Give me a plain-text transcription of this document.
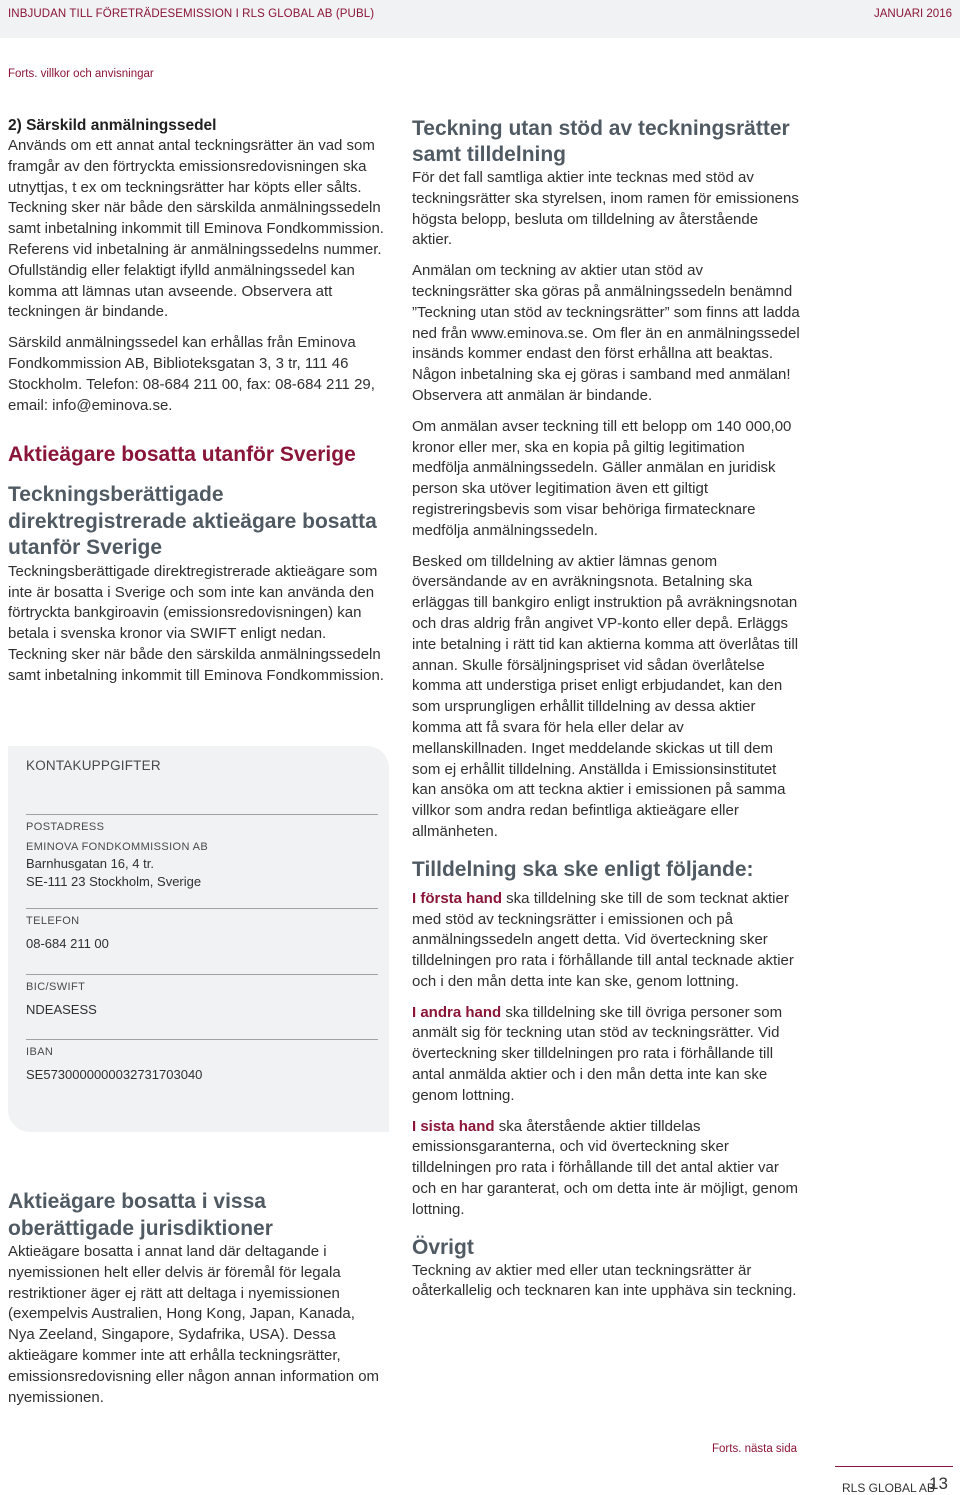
INBJUDAN TILL FÖRETRÄDESEMISSION I RLS GLOBAL AB (PUBL)	JANUARI 2016
Forts. villkor och anvisningar
2) Särskild anmälningssedel

Används om ett annat antal teckningsrätter än vad som framgår av den förtryckta emissionsredovisningen ska utnyttjas, t ex om teckningsrätter har köpts eller sålts. Teckning sker när både den särskilda anmälningssedeln samt inbetalning inkommit till Eminova Fondkommission. Referens vid inbetalning är anmälningssedelns nummer. Ofullständig eller felaktigt ifylld anmälningssedel kan komma att lämnas utan avseende. Observera att teckningen är bindande.

Särskild anmälningssedel kan erhållas från Eminova Fondkommission AB, Biblioteksgatan 3, 3 tr, 111 46 Stockholm. Telefon: 08-684 211 00, fax: 08-684 211 29, email: info@eminova.se.

Aktieägare bosatta utanför Sverige
Teckningsberättigade direktregistrerade aktieägare bosatta utanför Sverige

Teckningsberättigade direktregistrerade aktieägare som inte är bosatta i Sverige och som inte kan använda den förtryckta bankgiroavin (emissionsredovisningen) kan betala i svenska kronor via SWIFT enligt nedan. Teckning sker när både den särskilda anmälningssedeln samt inbetalning inkommit till Eminova Fondkommission.

KONTAKUPPGIFTER
POSTADRESS
EMINOVA FONDKOMMISSION AB
Barnhusgatan 16, 4 tr.
SE-111 23 Stockholm, Sverige
TELEFON
08-684 211 00
BIC/SWIFT
NDEASESS
IBAN
SE5730000000032731703040
Aktieägare bosatta i vissa oberättigade jurisdiktioner

Aktieägare bosatta i annat land där deltagande i nyemissionen helt eller delvis är föremål för legala restriktioner äger ej rätt att deltaga i nyemissionen (exempelvis Australien, Hong Kong, Japan, Kanada, Nya Zeeland, Singapore, Sydafrika, USA). Dessa aktieägare kommer inte att erhålla teckningsrätter, emissionsredovisning eller någon annan information om nyemissionen.

Teckning utan stöd av teckningsrätter samt tilldelning

För det fall samtliga aktier inte tecknas med stöd av teckningsrätter ska styrelsen, inom ramen för emissionens högsta belopp, besluta om tilldelning av återstående aktier.

Anmälan om teckning av aktier utan stöd av teckningsrätter ska göras på anmälningssedeln benämnd ”Teckning utan stöd av teckningsrätter” som finns att ladda ned från www.eminova.se. Om fler än en anmälningssedel insänds kommer endast den först erhållna att beaktas. Någon inbetalning ska ej göras i samband med anmälan! Observera att anmälan är bindande.

Om anmälan avser teckning till ett belopp om 140 000,00 kronor eller mer, ska en kopia på giltig legitimation medfölja anmälningssedeln. Gäller anmälan en juridisk person ska utöver legitimation även ett giltigt registreringsbevis som visar behöriga firmatecknare medfölja anmälningssedeln.

Besked om tilldelning av aktier lämnas genom översändande av en avräkningsnota. Betalning ska erläggas till bankgiro enligt instruktion på avräkningsnotan och dras aldrig från angivet VP-konto eller depå. Erläggs inte betalning i rätt tid kan aktierna komma att överlåtas till annan. Skulle försäljningspriset vid sådan överlåtelse komma att understiga priset enligt erbjudandet, kan den som ursprungligen erhållit tilldelning av dessa aktier komma att få svara för hela eller delar av mellanskillnaden. Inget meddelande skickas ut till dem som ej erhållit tilldelning. Anställda i Emissionsinstitutet kan ansöka om att teckna aktier i emissionen på samma villkor som andra redan befintliga aktieägare eller allmänheten.

Tilldelning ska ske enligt följande:

I första hand ska tilldelning ske till de som tecknat aktier med stöd av teckningsrätter i emissionen och på anmälningssedeln angett detta. Vid överteckning sker tilldelningen pro rata i förhållande till antal tecknade aktier och i den mån detta inte kan ske, genom lottning.

I andra hand ska tilldelning ske till övriga personer som anmält sig för teckning utan stöd av teckningsrätter. Vid överteckning sker tilldelningen pro rata i förhållande till antal anmälda aktier och i den mån detta inte kan ske genom lottning.

I sista hand ska återstående aktier tilldelas emissionsgaranterna, och vid överteckning sker tilldelningen pro rata i förhållande till det antal aktier var och en har garanterat, och om detta inte är möjligt, genom lottning.

Övrigt

Teckning av aktier med eller utan teckningsrätter är oåterkallelig och tecknaren kan inte upphäva sin teckning.

Forts. nästa sida
RLS GLOBAL AB
13
